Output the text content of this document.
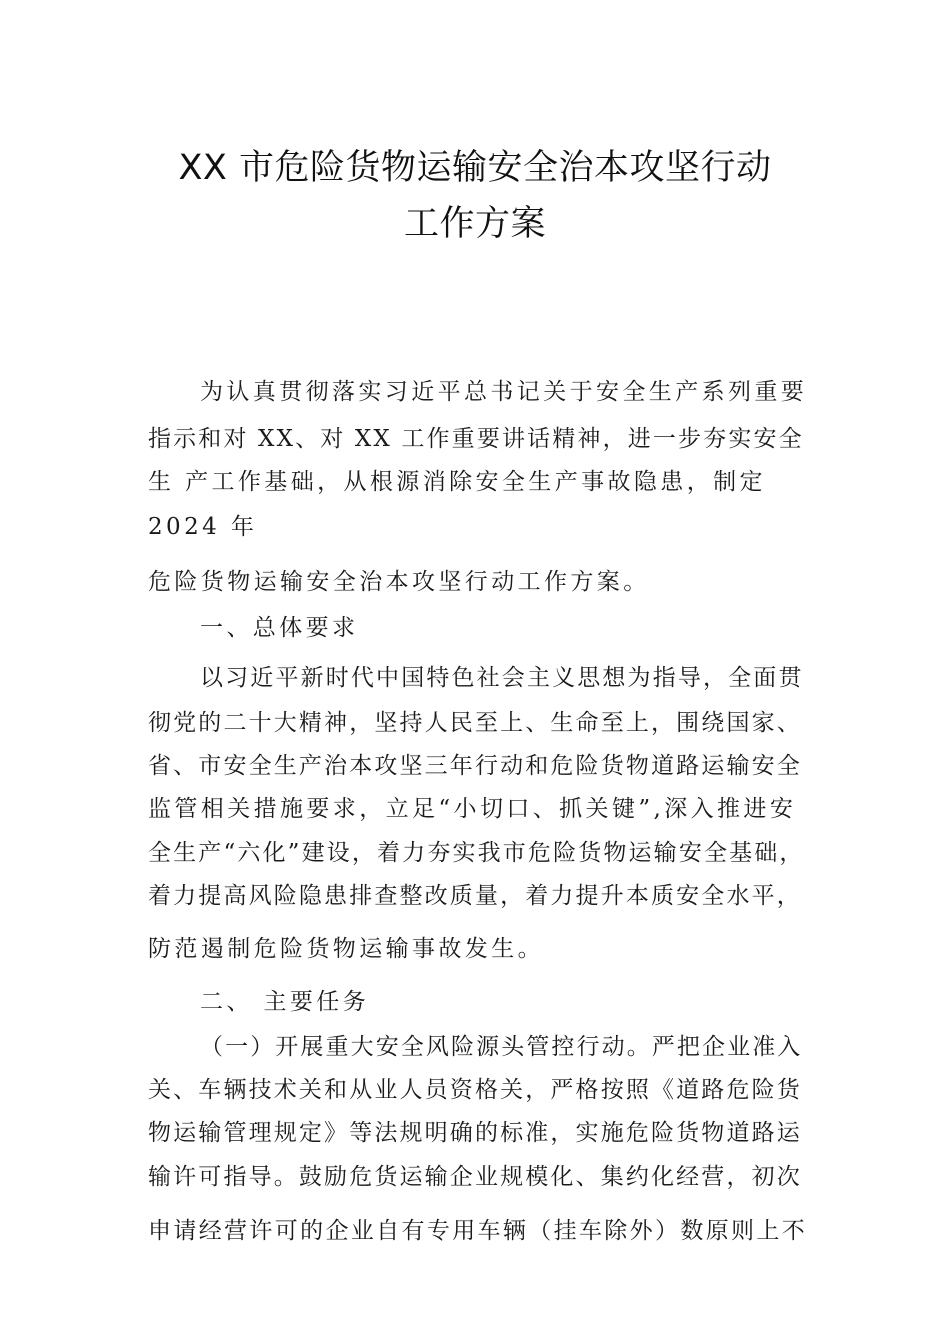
XX 市危险货物运输安全治本攻坚行动
工作方案
为认真贯彻落实习近平总书记关于安全生产系列重要
指示和对 XX、对 XX 工作重要讲话精神，进一步夯实安全
生 产工作基础，从根源消除安全生产事故隐患，制定
2024 年
危险货物运输安全治本攻坚行动工作方案。
一、总体要求
以习近平新时代中国特色社会主义思想为指导，全面贯
彻党的二十大精神，坚持人民至上、生命至上，围绕国家、
省、市安全生产治本攻坚三年行动和危险货物道路运输安全
监管相关措施要求，立足“小切口、抓关键”,深入推进安
全生产“六化”建设，着力夯实我市危险货物运输安全基础，
着力提高风险隐患排查整改质量，着力提升本质安全水平，
防范遏制危险货物运输事故发生。
二、 主要任务
（一）开展重大安全风险源头管控行动。严把企业准入
关、车辆技术关和从业人员资格关，严格按照《道路危险货
物运输管理规定》等法规明确的标准，实施危险货物道路运
输许可指导。鼓励危货运输企业规模化、集约化经营，初次
申请经营许可的企业自有专用车辆（挂车除外）数原则上不
